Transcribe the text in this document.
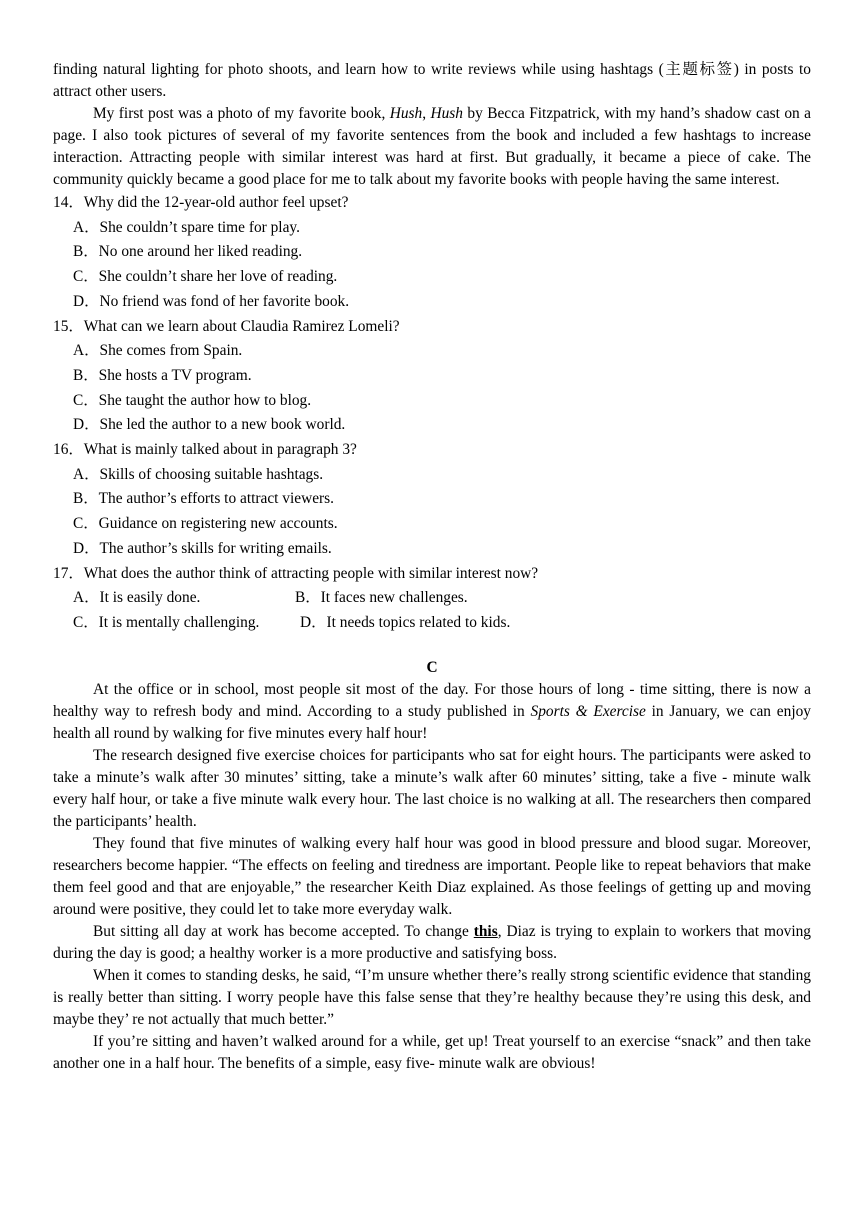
finding natural lighting for photo shoots, and learn how to write reviews while using hashtags (主题标签) in posts to attract other users.

My first post was a photo of my favorite book, Hush, Hush by Becca Fitzpatrick, with my hand’s shadow cast on a page. I also took pictures of several of my favorite sentences from the book and included a few hashtags to increase interaction. Attracting people with similar interest was hard at first. But gradually, it became a piece of cake. The community quickly became a good place for me to talk about my favorite books with people having the same interest.

14．Why did the 12-year-old author feel upset?

A．She couldn’t spare time for play.

B．No one around her liked reading.

C．She couldn’t share her love of reading.

D．No friend was fond of her favorite book.

15．What can we learn about Claudia Ramirez Lomeli?

A．She comes from Spain.

B．She hosts a TV program.

C．She taught the author how to blog.

D．She led the author to a new book world.

16．What is mainly talked about in paragraph 3?

A．Skills of choosing suitable hashtags.

B．The author’s efforts to attract viewers.

C．Guidance on registering new accounts.

D．The author’s skills for writing emails.

17．What does the author think of attracting people with similar interest now?

A．It is easily done.	B．It faces new challenges.

C．It is mentally challenging.	D．It needs topics related to kids.

C

At the office or in school, most people sit most of the day. For those hours of long - time sitting, there is now a healthy way to refresh body and mind. According to a study published in Sports & Exercise in January, we can enjoy health all round by walking for five minutes every half hour!

The research designed five exercise choices for participants who sat for eight hours. The participants were asked to take a minute’s walk after 30 minutes’ sitting, take a minute’s walk after 60 minutes’ sitting, take a five - minute walk every half hour, or take a five minute walk every hour. The last choice is no walking at all. The researchers then compared the participants’ health.

They found that five minutes of walking every half hour was good in blood pressure and blood sugar. Moreover, researchers become happier. “The effects on feeling and tiredness are important. People like to repeat behaviors that make them feel good and that are enjoyable,” the researcher Keith Diaz explained. As those feelings of getting up and moving around were positive, they could let to take more everyday walk.

But sitting all day at work has become accepted. To change this, Diaz is trying to explain to workers that moving during the day is good; a healthy worker is a more productive and satisfying boss.

When it comes to standing desks, he said, “I’m unsure whether there’s really strong scientific evidence that standing is really better than sitting. I worry people have this false sense that they’re healthy because they’re using this desk, and maybe they’ re not actually that much better.”

If you’re sitting and haven’t walked around for a while, get up! Treat yourself to an exercise “snack” and then take another one in a half hour. The benefits of a simple, easy five- minute walk are obvious!
